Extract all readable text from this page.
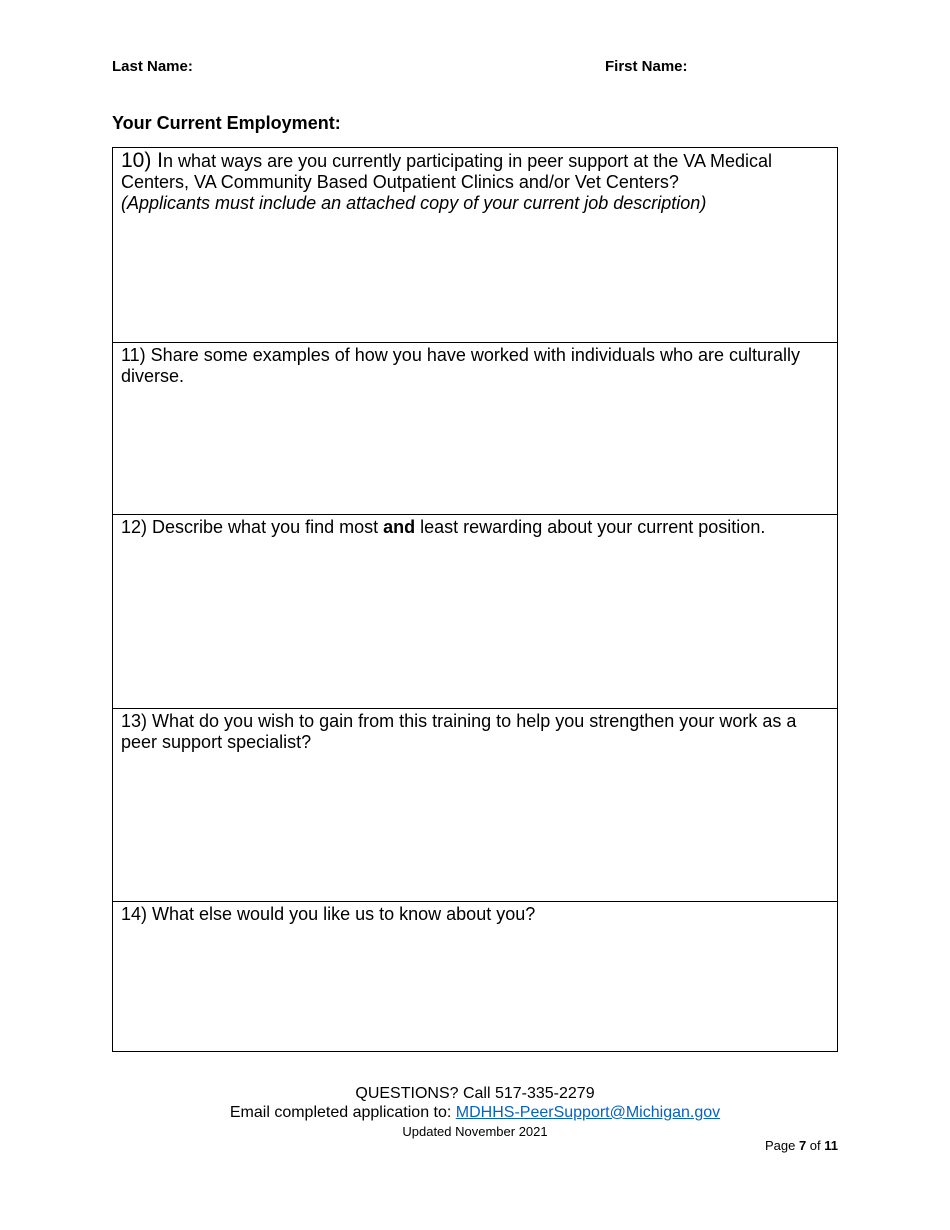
Last Name:	First Name:
Your Current Employment:
10) In what ways are you currently participating in peer support at the VA Medical Centers, VA Community Based Outpatient Clinics and/or Vet Centers?
(Applicants must include an attached copy of your current job description)
11) Share some examples of how you have worked with individuals who are culturally diverse.
12) Describe what you find most and least rewarding about your current position.
13) What do you wish to gain from this training to help you strengthen your work as a peer support specialist?
14) What else would you like us to know about you?
QUESTIONS? Call 517-335-2279
Email completed application to: MDHHS-PeerSupport@Michigan.gov
Updated November 2021
Page 7 of 11
